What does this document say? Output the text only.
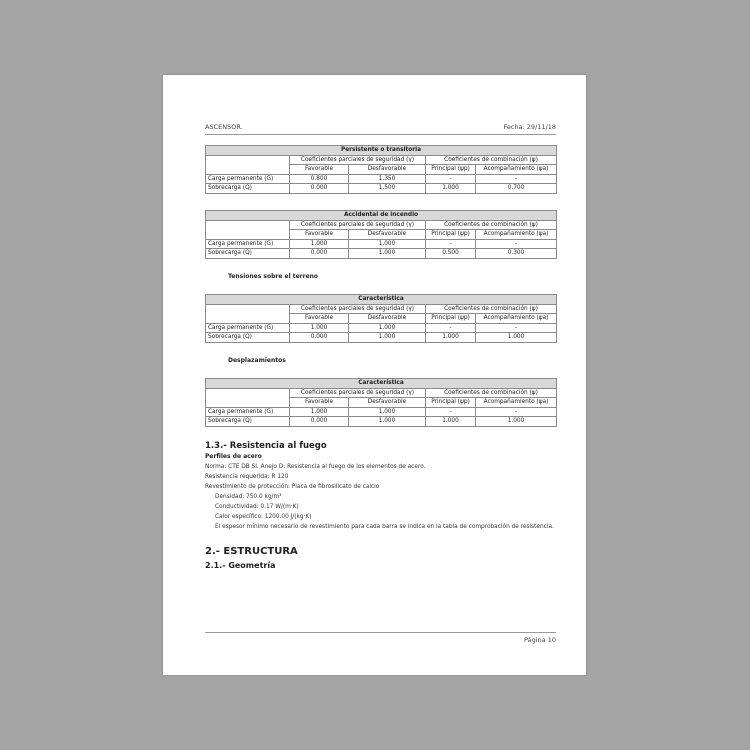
ASCENSOR.	Fecha: 29/11/18
Persistente o transitoria				
	Coeficientes parciales de seguridad (γ)		Coeficientes de combinación (ψ)	
	Favorable	Desfavorable	Principal (ψp)	Acompañamiento (ψa)
Carga permanente (G)	0.800	1.350	-	-
Sobrecarga (Q)	0.000	1.500	1.000	0.700
Accidental de incendio				
	Coeficientes parciales de seguridad (γ)		Coeficientes de combinación (ψ)	
	Favorable	Desfavorable	Principal (ψp)	Acompañamiento (ψa)
Carga permanente (G)	1.000	1.000	-	-
Sobrecarga (Q)	0.000	1.000	0.500	0.300
Tensiones sobre el terreno
Característica				
	Coeficientes parciales de seguridad (γ)		Coeficientes de combinación (ψ)	
	Favorable	Desfavorable	Principal (ψp)	Acompañamiento (ψa)
Carga permanente (G)	1.000	1.000	-	-
Sobrecarga (Q)	0.000	1.000	1.000	1.000
Desplazamientos
Característica				
	Coeficientes parciales de seguridad (γ)		Coeficientes de combinación (ψ)	
	Favorable	Desfavorable	Principal (ψp)	Acompañamiento (ψa)
Carga permanente (G)	1.000	1.000	-	-
Sobrecarga (Q)	0.000	1.000	1.000	1.000
1.3.- Resistencia al fuego
Perfiles de acero
Norma: CTE DB SI. Anejo D: Resistencia al fuego de los elementos de acero.
Resistencia requerida: R 120
Revestimiento de protección: Placa de fibrosilicato de calcio
Densidad: 750.0 kg/m³
Conductividad: 0.17 W/(m·K)
Calor específico: 1200.00 J/(kg·K)
El espesor mínimo necesario de revestimiento para cada barra se indica en la tabla de comprobación de resistencia.
2.- ESTRUCTURA
2.1.- Geometría
Página 10
